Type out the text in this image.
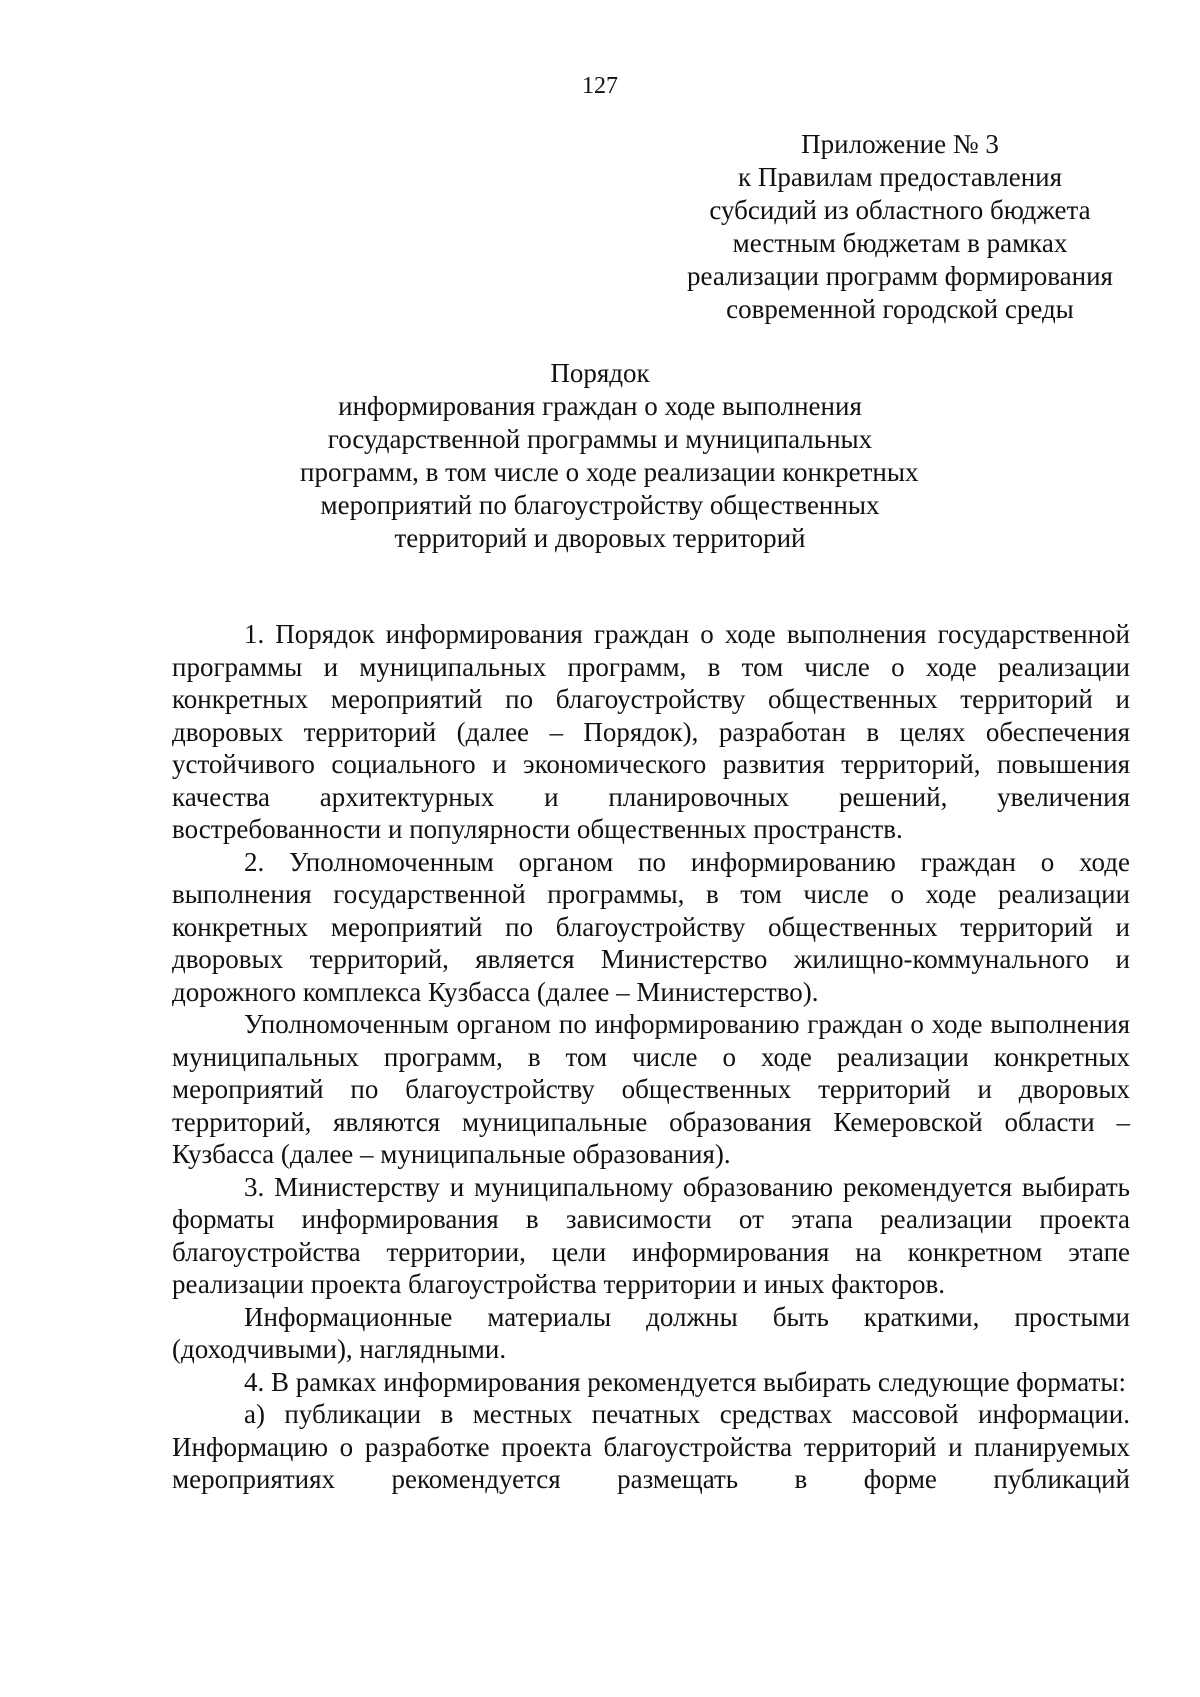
127
Приложение № 3
к Правилам предоставления
субсидий из областного бюджета
местным бюджетам в рамках
реализации программ формирования
современной городской среды
Порядок
информирования граждан о ходе выполнения
государственной программы и муниципальных
программ, в том числе о ходе реализации конкретных
мероприятий по благоустройству общественных
территорий и дворовых территорий

1. Порядок информирования граждан о ходе выполнения государственной программы и муниципальных программ, в том числе о ходе реализации конкретных мероприятий по благоустройству общественных территорий и дворовых территорий (далее – Порядок), разработан в целях обеспечения устойчивого социального и экономического развития территорий, повышения качества архитектурных и планировочных решений, увеличения востребованности и популярности общественных пространств.

2. Уполномоченным органом по информированию граждан о ходе выполнения государственной программы, в том числе о ходе реализации конкретных мероприятий по благоустройству общественных территорий и дворовых территорий, является Министерство жилищно-коммунального и дорожного комплекса Кузбасса (далее – Министерство).

Уполномоченным органом по информированию граждан о ходе выполнения муниципальных программ, в том числе о ходе реализации конкретных мероприятий по благоустройству общественных территорий и дворовых территорий, являются муниципальные образования Кемеровской области – Кузбасса (далее – муниципальные образования).

3. Министерству и муниципальному образованию рекомендуется выбирать форматы информирования в зависимости от этапа реализации проекта благоустройства территории, цели информирования на конкретном этапе реализации проекта благоустройства территории и иных факторов.

Информационные материалы должны быть краткими, простыми (доходчивыми), наглядными.

4. В рамках информирования рекомендуется выбирать следующие форматы:

а) публикации в местных печатных средствах массовой информации. Информацию о разработке проекта благоустройства территорий и планируемых мероприятиях рекомендуется размещать в форме публикаций
